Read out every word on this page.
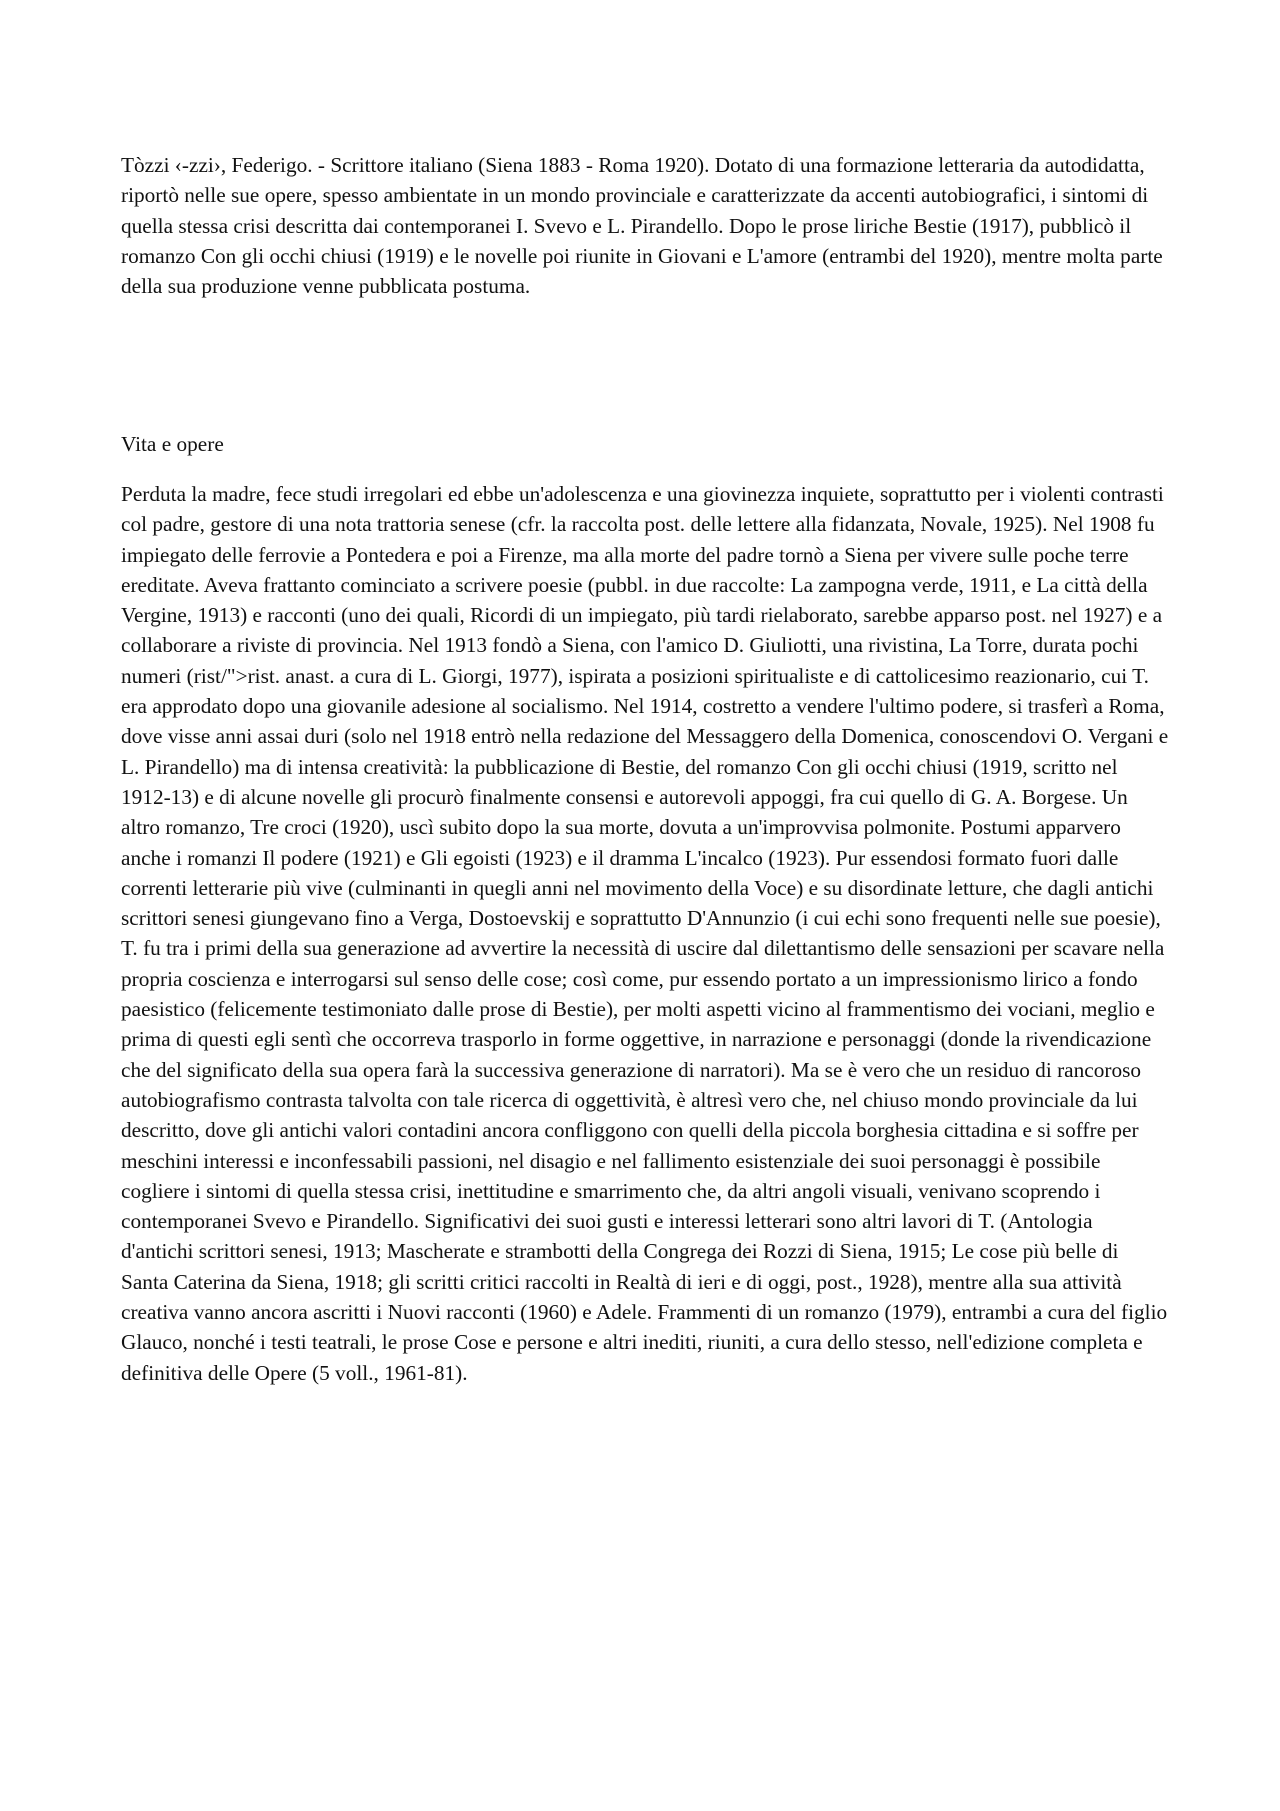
Tòzzi ‹-zzi›, Federigo. - Scrittore italiano (Siena 1883 - Roma 1920). Dotato di una formazione letteraria da autodidatta, riportò nelle sue opere, spesso ambientate in un mondo provinciale e caratterizzate da accenti autobiografici, i sintomi di quella stessa crisi descritta dai contemporanei I. Svevo e L. Pirandello. Dopo le prose liriche Bestie (1917), pubblicò il romanzo Con gli occhi chiusi (1919) e le novelle poi riunite in Giovani e L'amore (entrambi del 1920), mentre molta parte della sua produzione venne pubblicata postuma.

Vita e opere

Perduta la madre, fece studi irregolari ed ebbe un'adolescenza e una giovinezza inquiete, soprattutto per i violenti contrasti col padre, gestore di una nota trattoria senese (cfr. la raccolta post. delle lettere alla fidanzata, Novale, 1925). Nel 1908 fu impiegato delle ferrovie a Pontedera e poi a Firenze, ma alla morte del padre tornò a Siena per vivere sulle poche terre ereditate. Aveva frattanto cominciato a scrivere poesie (pubbl. in due raccolte: La zampogna verde, 1911, e La città della Vergine, 1913) e racconti (uno dei quali, Ricordi di un impiegato, più tardi rielaborato, sarebbe apparso post. nel 1927) e a collaborare a riviste di provincia. Nel 1913 fondò a Siena, con l'amico D. Giuliotti, una rivistina, La Torre, durata pochi numeri (rist/">rist. anast. a cura di L. Giorgi, 1977), ispirata a posizioni spiritualiste e di cattolicesimo reazionario, cui T. era approdato dopo una giovanile adesione al socialismo. Nel 1914, costretto a vendere l'ultimo podere, si trasferì a Roma, dove visse anni assai duri (solo nel 1918 entrò nella redazione del Messaggero della Domenica, conoscendovi O. Vergani e L. Pirandello) ma di intensa creatività: la pubblicazione di Bestie, del romanzo Con gli occhi chiusi (1919, scritto nel 1912-13) e di alcune novelle gli procurò finalmente consensi e autorevoli appoggi, fra cui quello di G. A. Borgese. Un altro romanzo, Tre croci (1920), uscì subito dopo la sua morte, dovuta a un'improvvisa polmonite. Postumi apparvero anche i romanzi Il podere (1921) e Gli egoisti (1923) e il dramma L'incalco (1923). Pur essendosi formato fuori dalle correnti letterarie più vive (culminanti in quegli anni nel movimento della Voce) e su disordinate letture, che dagli antichi scrittori senesi giungevano fino a Verga, Dostoevskij e soprattutto D'Annunzio (i cui echi sono frequenti nelle sue poesie), T. fu tra i primi della sua generazione ad avvertire la necessità di uscire dal dilettantismo delle sensazioni per scavare nella propria coscienza e interrogarsi sul senso delle cose; così come, pur essendo portato a un impressionismo lirico a fondo paesistico (felicemente testimoniato dalle prose di Bestie), per molti aspetti vicino al frammentismo dei vociani, meglio e prima di questi egli sentì che occorreva trasporlo in forme oggettive, in narrazione e personaggi (donde la rivendicazione che del significato della sua opera farà la successiva generazione di narratori). Ma se è vero che un residuo di rancoroso autobiografismo contrasta talvolta con tale ricerca di oggettività, è altresì vero che, nel chiuso mondo provinciale da lui descritto, dove gli antichi valori contadini ancora confliggono con quelli della piccola borghesia cittadina e si soffre per meschini interessi e inconfessabili passioni, nel disagio e nel fallimento esistenziale dei suoi personaggi è possibile cogliere i sintomi di quella stessa crisi, inettitudine e smarrimento che, da altri angoli visuali, venivano scoprendo i contemporanei Svevo e Pirandello. Significativi dei suoi gusti e interessi letterari sono altri lavori di T. (Antologia d'antichi scrittori senesi, 1913; Mascherate e strambotti della Congrega dei Rozzi di Siena, 1915; Le cose più belle di Santa Caterina da Siena, 1918; gli scritti critici raccolti in Realtà di ieri e di oggi, post., 1928), mentre alla sua attività creativa vanno ancora ascritti i Nuovi racconti (1960) e Adele. Frammenti di un romanzo (1979), entrambi a cura del figlio Glauco, nonché i testi teatrali, le prose Cose e persone e altri inediti, riuniti, a cura dello stesso, nell'edizione completa e definitiva delle Opere (5 voll., 1961-81).
